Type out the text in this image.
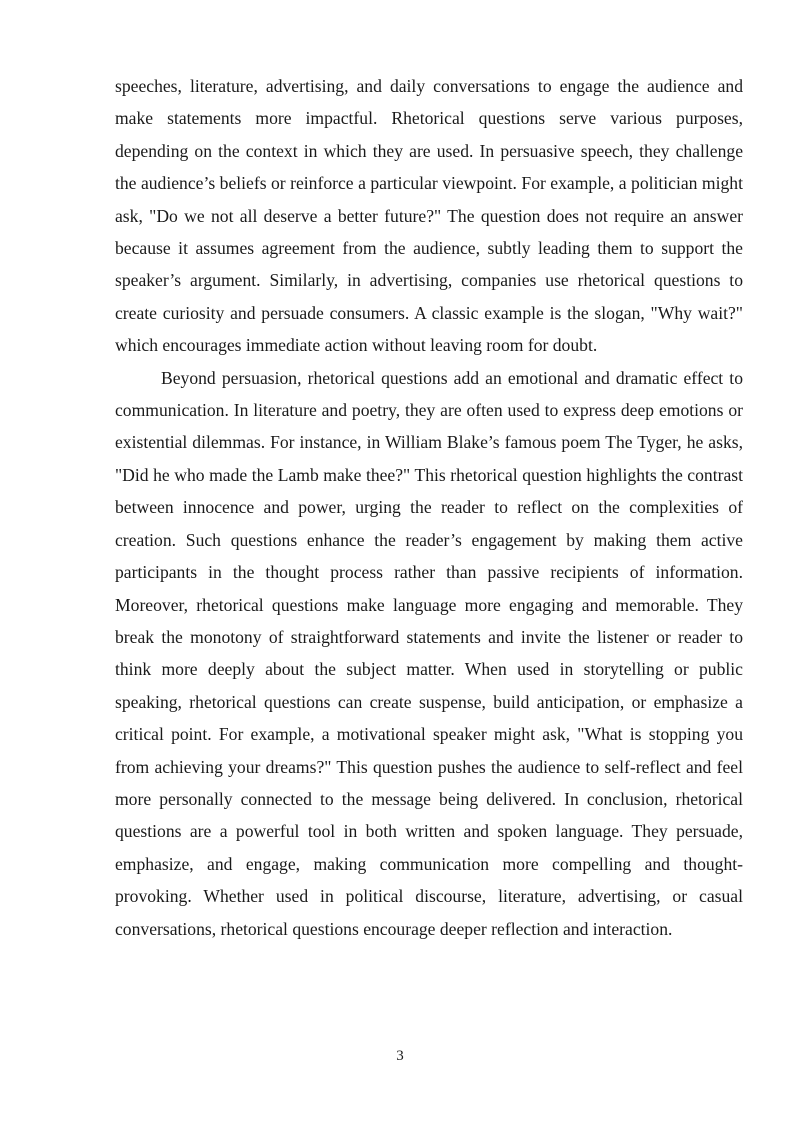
speeches, literature, advertising, and daily conversations to engage the audience and make statements more impactful. Rhetorical questions serve various purposes, depending on the context in which they are used. In persuasive speech, they challenge the audience’s beliefs or reinforce a particular viewpoint. For example, a politician might ask, "Do we not all deserve a better future?" The question does not require an answer because it assumes agreement from the audience, subtly leading them to support the speaker’s argument. Similarly, in advertising, companies use rhetorical questions to create curiosity and persuade consumers. A classic example is the slogan, "Why wait?" which encourages immediate action without leaving room for doubt.

Beyond persuasion, rhetorical questions add an emotional and dramatic effect to communication. In literature and poetry, they are often used to express deep emotions or existential dilemmas. For instance, in William Blake’s famous poem The Tyger, he asks, "Did he who made the Lamb make thee?" This rhetorical question highlights the contrast between innocence and power, urging the reader to reflect on the complexities of creation. Such questions enhance the reader’s engagement by making them active participants in the thought process rather than passive recipients of information. Moreover, rhetorical questions make language more engaging and memorable. They break the monotony of straightforward statements and invite the listener or reader to think more deeply about the subject matter. When used in storytelling or public speaking, rhetorical questions can create suspense, build anticipation, or emphasize a critical point. For example, a motivational speaker might ask, "What is stopping you from achieving your dreams?" This question pushes the audience to self-reflect and feel more personally connected to the message being delivered. In conclusion, rhetorical questions are a powerful tool in both written and spoken language. They persuade, emphasize, and engage, making communication more compelling and thought-provoking. Whether used in political discourse, literature, advertising, or casual conversations, rhetorical questions encourage deeper reflection and interaction.

3
